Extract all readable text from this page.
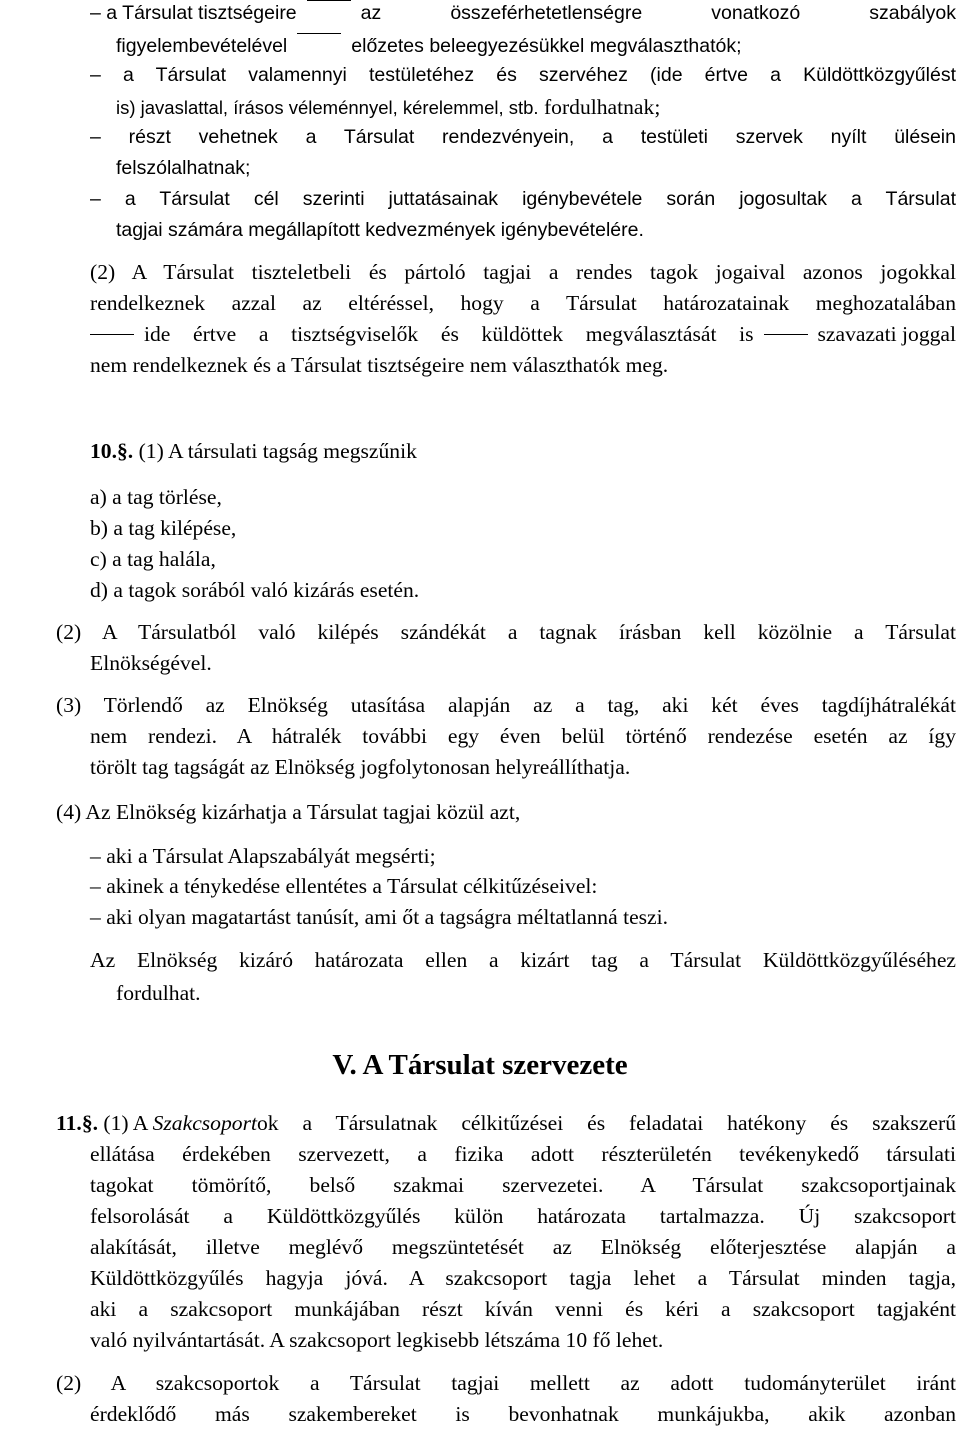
– a Társulat tisztségeire	az összeférhetetlenségre vonatkozó szabályok
figyelembevételével	előzetes beleegyezésükkel megválaszthatók;
– a Társulat valamennyi testületéhez és szervéhez (ide értve a Küldöttközgyűlést
is) javaslattal, írásos véleménnyel, kérelemmel, stb. fordulhatnak;
– részt vehetnek a Társulat rendezvényein, a testületi szervek nyílt ülésein
felszólalhatnak;
– a Társulat cél szerinti juttatásainak igénybevétele során jogosultak a Társulat
tagjai számára megállapított kedvezmények igénybevételére.
(2) A Társulat tiszteletbeli és pártoló tagjai a rendes tagok jogaival azonos jogokkal
rendelkeznek azzal az eltéréssel, hogy a Társulat határozatainak meghozatalában
ide értve a tisztségviselők és küldöttek megválasztását is	szavazati joggal
nem rendelkeznek és a Társulat tisztségeire nem választhatók meg.
10.§. (1) A társulati tagság megszűnik
a) a tag törlése,
b) a tag kilépése,
c) a tag halála,
d) a tagok sorából való kizárás esetén.
(2) A Társulatból való kilépés szándékát a tagnak írásban kell közölnie a Társulat
Elnökségével.
(3) Törlendő az Elnökség utasítása alapján az a tag, aki két éves tagdíjhátralékát
nem rendezi. A hátralék további egy éven belül történő rendezése esetén az így
törölt tag tagságát az Elnökség jogfolytonosan helyreállíthatja.
(4) Az Elnökség kizárhatja a Társulat tagjai közül azt,
– aki a Társulat Alapszabályát megsérti;
– akinek a ténykedése ellentétes a Társulat célkitűzéseivel:
– aki olyan magatartást tanúsít, ami őt a tagságra méltatlanná teszi.
Az Elnökség kizáró határozata ellen a kizárt tag a Társulat Küldöttközgyűléséhez
fordulhat.
V. A Társulat szervezete
11. §. (1) A Szakcsoport ok a Társulatnak célkitűzései és feladatai hatékony és szakszerű
ellátása érdekében szervezett, a fizika adott részterületén tevékenykedő társulati
tagokat tömörítő, belső szakmai szervezetei. A Társulat szakcsoportjainak
felsorolását a Küldöttközgyűlés külön határozata tartalmazza. Új szakcsoport
alakítását, illetve meglévő megszüntetését az Elnökség előterjesztése alapján a
Küldöttközgyűlés hagyja jóvá. A szakcsoport tagja lehet a Társulat minden tagja,
aki a szakcsoport munkájában részt kíván venni és kéri a szakcsoport tagjaként
való nyilvántartását. A szakcsoport legkisebb létszáma 10 fő lehet.
(2) A szakcsoportok a Társulat tagjai mellett az adott tudományterület iránt
érdeklődő más szakembereket is bevonhatnak munkájukba, akik azonban
